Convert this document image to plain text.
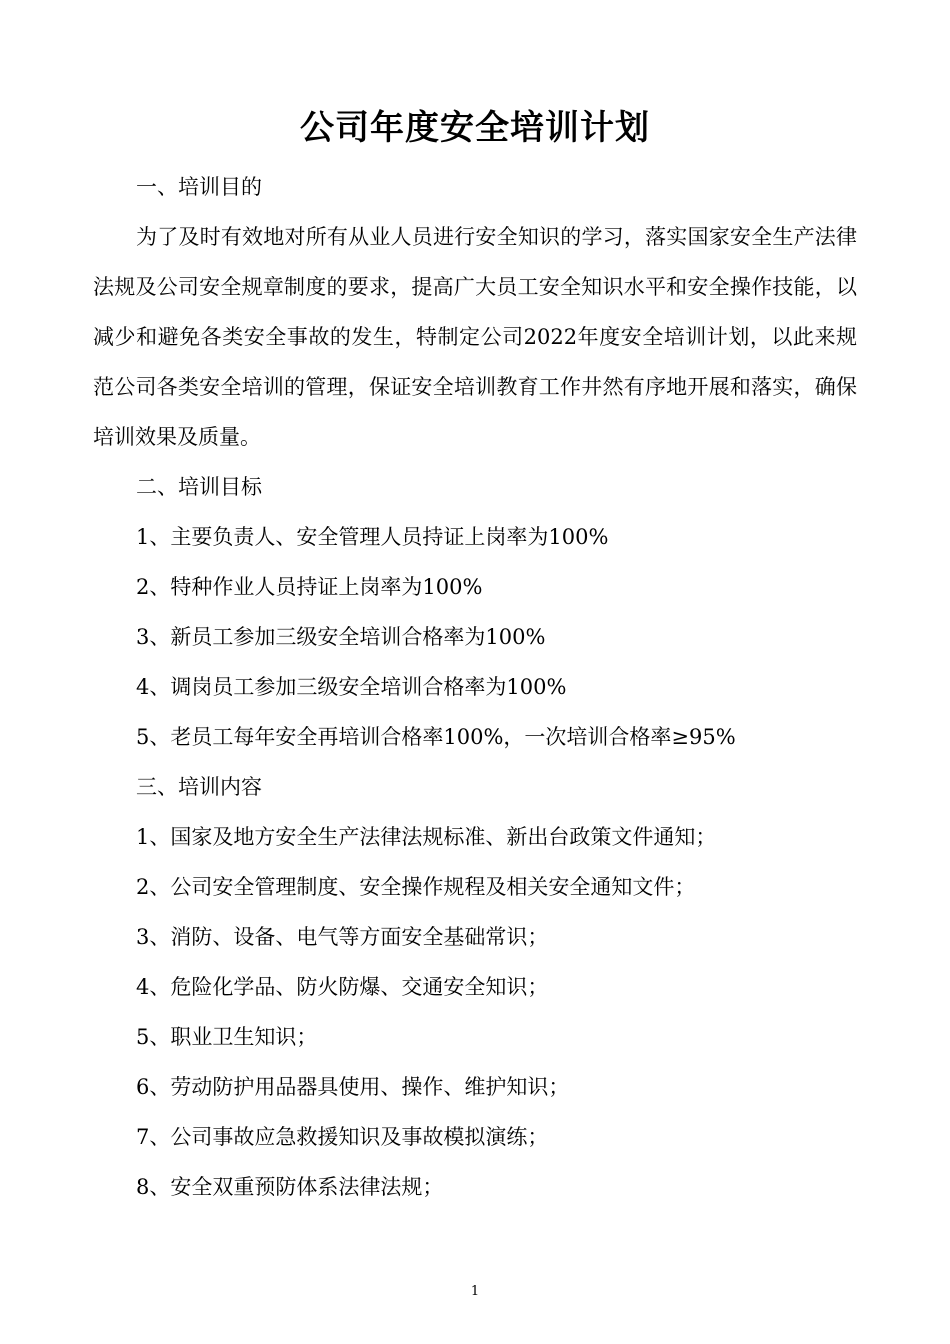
公司年度安全培训计划

一、培训目的

为了及时有效地对所有从业人员进行安全知识的学习，落实国家安全生产法律法规及公司安全规章制度的要求，提高广大员工安全知识水平和安全操作技能，以减少和避免各类安全事故的发生，特制定公司2022年度安全培训计划，以此来规范公司各类安全培训的管理，保证安全培训教育工作井然有序地开展和落实，确保培训效果及质量。

二、培训目标

1、主要负责人、安全管理人员持证上岗率为100%

2、特种作业人员持证上岗率为100%

3、新员工参加三级安全培训合格率为100%

4、调岗员工参加三级安全培训合格率为100%

5、老员工每年安全再培训合格率100%，一次培训合格率≥95%

三、培训内容

1、国家及地方安全生产法律法规标准、新出台政策文件通知；

2、公司安全管理制度、安全操作规程及相关安全通知文件；

3、消防、设备、电气等方面安全基础常识；

4、危险化学品、防火防爆、交通安全知识；

5、职业卫生知识；

6、劳动防护用品器具使用、操作、维护知识；

7、公司事故应急救援知识及事故模拟演练；

8、安全双重预防体系法律法规；

1
